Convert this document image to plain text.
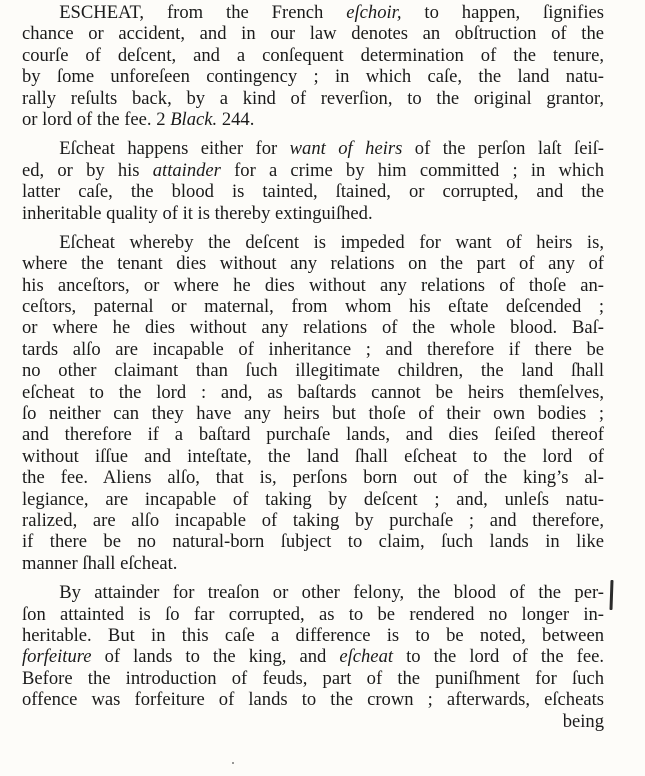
ESCHEAT, from the French eſchoir, to happen, ſignifies
chance or accident, and in our law denotes an obſtruction of the
courſe of deſcent, and a conſequent determination of the tenure,
by ſome unforeſeen contingency ; in which caſe, the land natu-
rally reſults back, by a kind of reverſion, to the original grantor,
or lord of the fee. 2 Black. 244.
Eſcheat happens either for want of heirs of the perſon laſt ſeiſ-
ed, or by his attainder for a crime by him committed ; in which
latter caſe, the blood is tainted, ſtained, or corrupted, and the
inheritable quality of it is thereby extinguiſhed.
Eſcheat whereby the deſcent is impeded for want of heirs is,
where the tenant dies without any relations on the part of any of
his anceſtors, or where he dies without any relations of thoſe an-
ceſtors, paternal or maternal, from whom his eſtate deſcended ;
or where he dies without any relations of the whole blood. Baſ-
tards alſo are incapable of inheritance ; and therefore if there be
no other claimant than ſuch illegitimate children, the land ſhall
eſcheat to the lord : and, as baſtards cannot be heirs themſelves,
ſo neither can they have any heirs but thoſe of their own bodies ;
and therefore if a baſtard purchaſe lands, and dies ſeiſed thereof
without iſſue and inteſtate, the land ſhall eſcheat to the lord of
the fee. Aliens alſo, that is, perſons born out of the king’s al-
legiance, are incapable of taking by deſcent ; and, unleſs natu-
ralized, are alſo incapable of taking by purchaſe ; and therefore,
if there be no natural-born ſubject to claim, ſuch lands in like
manner ſhall eſcheat.
By attainder for treaſon or other felony, the blood of the per-
ſon attainted is ſo far corrupted, as to be rendered no longer in-
heritable. But in this caſe a difference is to be noted, between
forfeiture of lands to the king, and eſcheat to the lord of the fee.
Before the introduction of feuds, part of the puniſhment for ſuch
offence was forfeiture of lands to the crown ; afterwards, eſcheats
being
